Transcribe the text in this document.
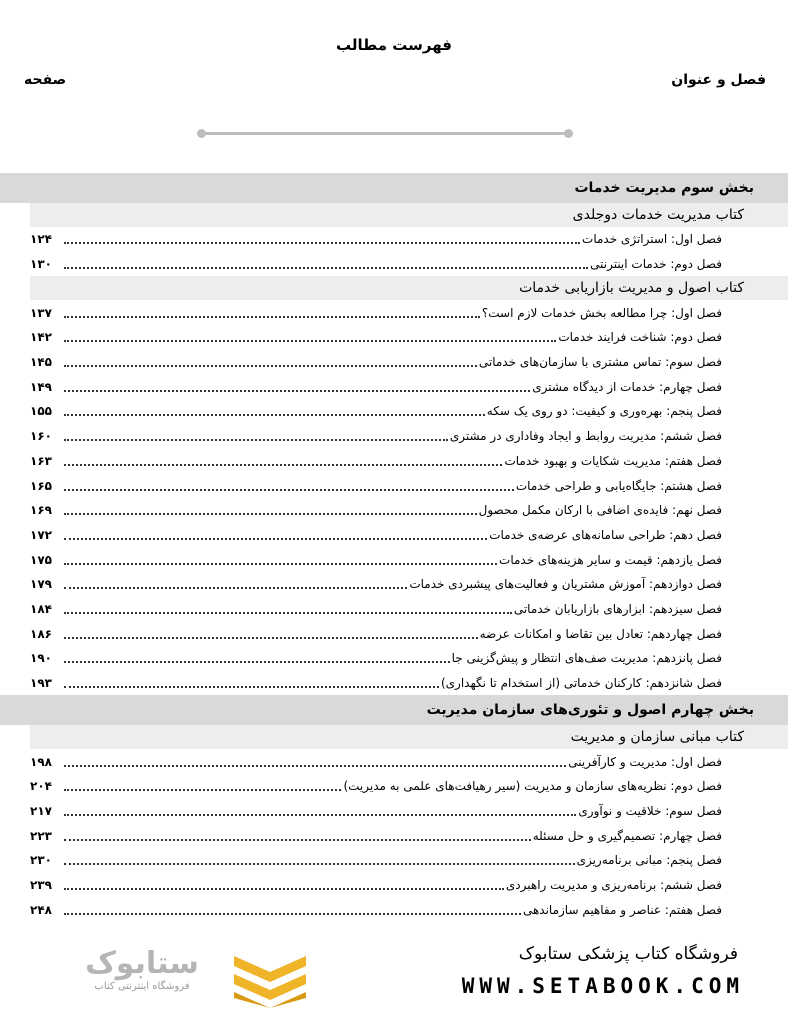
فهرست مطالب
فصل و عنوان
صفحه
بخش سوم مدیریت خدمات
کتاب مدیریت خدمات دوجلدی
فصل اول: استراتژی خدمات
۱۲۴
فصل دوم: خدمات اینترنتی
۱۳۰
کتاب اصول و مدیریت بازاریابی خدمات
فصل اول: چرا مطالعه بخش خدمات لازم است؟
۱۳۷
فصل دوم: شناخت فرایند خدمات
۱۴۲
فصل سوم: تماس مشتری با سازمان‌های خدماتی
۱۴۵
فصل چهارم: خدمات از دیدگاه مشتری
۱۴۹
فصل پنجم: بهره‌وری و کیفیت: دو روی یک سکه
۱۵۵
فصل ششم: مدیریت روابط و ایجاد وفاداری در مشتری
۱۶۰
فصل هفتم: مدیریت شکایات و بهبود خدمات
۱۶۳
فصل هشتم: جایگاه‌یابی و طراحی خدمات
۱۶۵
فصل نهم: فایده‌ی اضافی با ارکان مکمل محصول
۱۶۹
فصل دهم: طراحی سامانه‌های عرضه‌ی خدمات
۱۷۲
فصل یازدهم: قیمت و سایر هزینه‌های خدمات
۱۷۵
فصل دوازدهم: آموزش مشتریان و فعالیت‌های پیشبردی خدمات
۱۷۹
فصل سیزدهم: ابزارهای بازاریابان خدماتی
۱۸۴
فصل چهاردهم: تعادل بین تقاضا و امکانات عرضه
۱۸۶
فصل پانزدهم: مدیریت صف‌های انتظار و پیش‌گزینی جا
۱۹۰
فصل شانزدهم: کارکنان خدماتی (از استخدام تا نگهداری)
۱۹۳
بخش چهارم اصول و تئوری‌های سازمان مدیریت
کتاب مبانی سازمان و مدیریت
فصل اول: مدیریت و کارآفرینی
۱۹۸
فصل دوم: نظریه‌های سازمان و مدیریت (سیر رهیافت‌های علمی به مدیریت)
۲۰۴
فصل سوم: خلاقیت و نوآوری
۲۱۷
فصل چهارم: تصمیم‌گیری و حل مسئله
۲۲۳
فصل پنجم: مبانی برنامه‌ریزی
۲۳۰
فصل ششم: برنامه‌ریزی و مدیریت راهبردی
۲۳۹
فصل هفتم: عناصر و مفاهیم سازماندهی
۲۴۸
ستابوک
فروشگاه اینترنتی کتاب
فروشگاه کتاب پزشکی ستابوک
WWW.SETABOOK.COM
